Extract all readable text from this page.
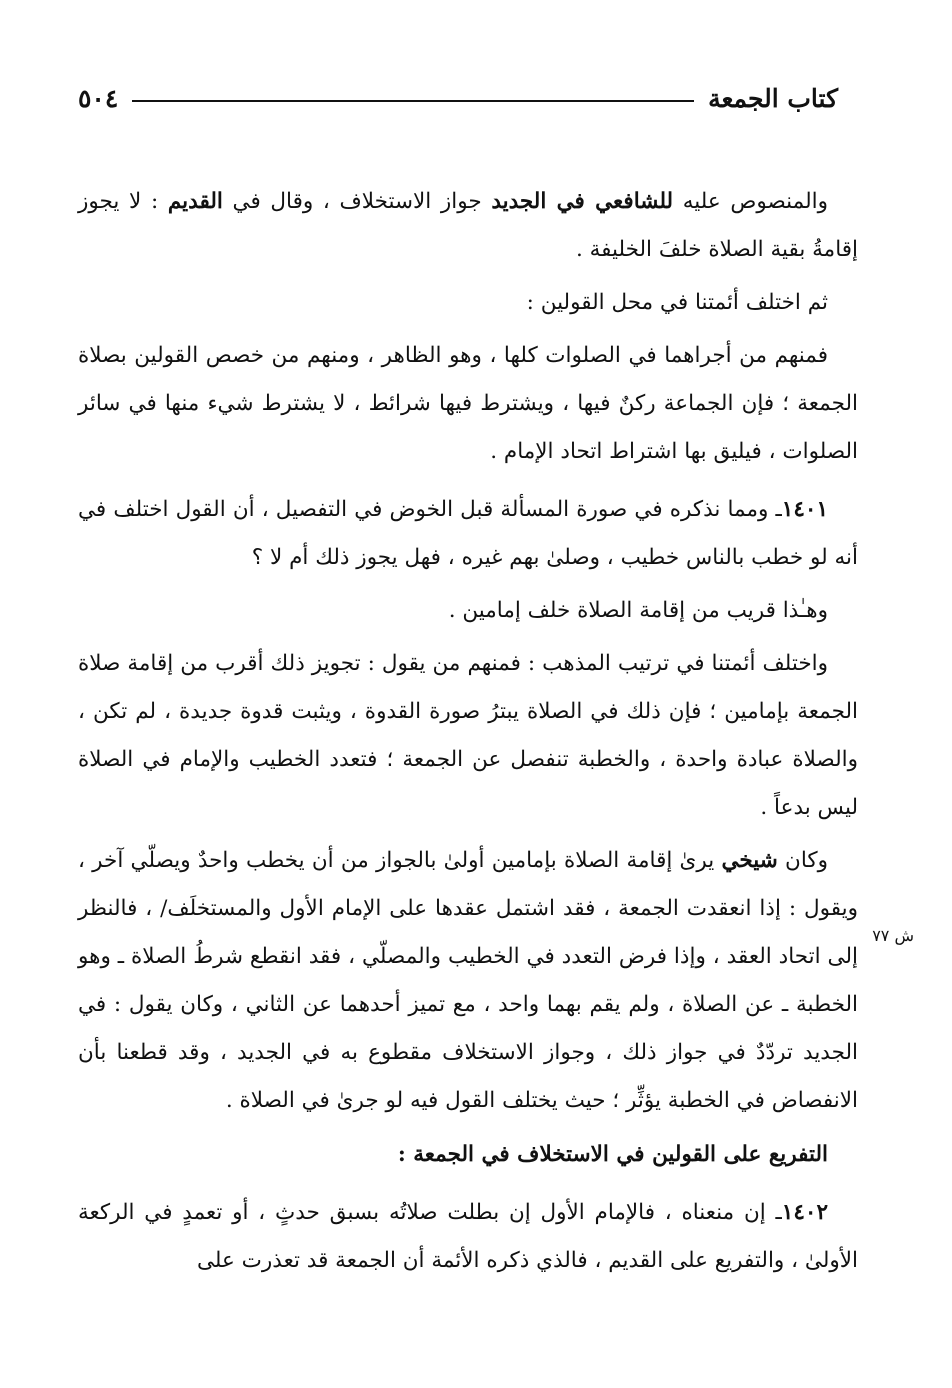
٥٠٤	كتاب الجمعة
ش ٧٧

والمنصوص عليه للشافعي في الجديد جواز الاستخلاف ، وقال في القديم : لا يجوز إقامةُ بقية الصلاة خلفَ الخليفة .

ثم اختلف أئمتنا في محل القولين :

فمنهم من أجراهما في الصلوات كلها ، وهو الظاهر ، ومنهم من خصص القولين بصلاة الجمعة ؛ فإن الجماعة ركنٌ فيها ، ويشترط فيها شرائط ، لا يشترط شيء منها في سائر الصلوات ، فيليق بها اشتراط اتحاد الإمام .

١٤٠١ـ ومما نذكره في صورة المسألة قبل الخوض في التفصيل ، أن القول اختلف في أنه لو خطب بالناس خطيب ، وصلىٰ بهم غيره ، فهل يجوز ذلك أم لا ؟

وهـٰذا قريب من إقامة الصلاة خلف إمامين .

واختلف أئمتنا في ترتيب المذهب : فمنهم من يقول : تجويز ذلك أقرب من إقامة صلاة الجمعة بإمامين ؛ فإن ذلك في الصلاة يبترُ صورة القدوة ، ويثبت قدوة جديدة ، لم تكن ، والصلاة عبادة واحدة ، والخطبة تنفصل عن الجمعة ؛ فتعدد الخطيب والإمام في الصلاة ليس بدعاً .

وكان شيخي يرىٰ إقامة الصلاة بإمامين أولىٰ بالجواز من أن يخطب واحدٌ ويصلّي آخر ، ويقول : إذا انعقدت الجمعة ، فقد اشتمل عقدها على الإمام الأول والمستخلَف/ ، فالنظر إلى اتحاد العقد ، وإذا فرض التعدد في الخطيب والمصلّي ، فقد انقطع شرطُ الصلاة ـ وهو الخطبة ـ عن الصلاة ، ولم يقم بهما واحد ، مع تميز أحدهما عن الثاني ، وكان يقول : في الجديد تردّدٌ في جواز ذلك ، وجواز الاستخلاف مقطوع به في الجديد ، وقد قطعنا بأن الانفصاض في الخطبة يؤثِّر ؛ حيث يختلف القول فيه لو جرىٰ في الصلاة .

التفريع على القولين في الاستخلاف في الجمعة :

١٤٠٢ـ إن منعناه ، فالإمام الأول إن بطلت صلاتُه بسبق حدثٍ ، أو تعمدٍ في الركعة الأولىٰ ، والتفريع على القديم ، فالذي ذكره الأئمة أن الجمعة قد تعذرت على
